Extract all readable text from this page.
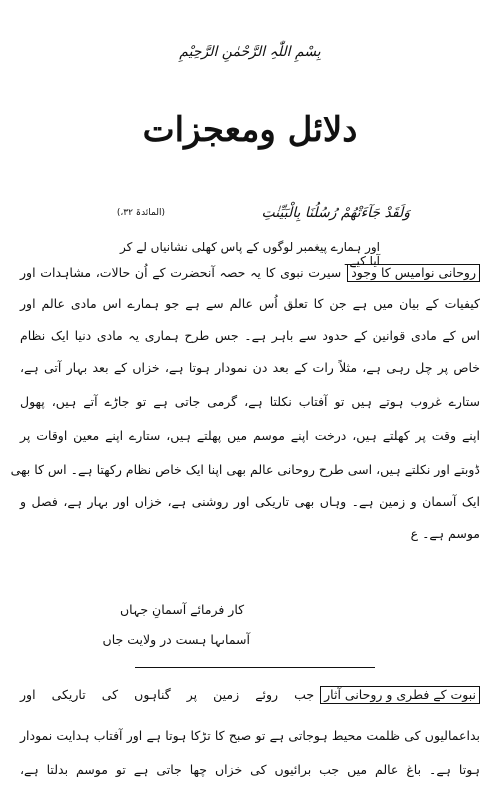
بِسْمِ اللّٰہِ الرَّحْمٰنِ الرَّحِیْمِ
دلائل ومعجزات
وَلَقَدْ جَآءَتْهُمْ رُسُلُنَا بِالْبَيِّنٰتِ
(المائدۃ ۳۲،)
اور ہمارے پیغمبر لوگوں کے پاس کھلی نشانیاں لے کر آیا کیے۔
روحانی نوامیس کا وجودسیرت نبوی کا یہ حصہ آنحضرت کے اُن حالات، مشاہدات اور
کیفیات کے بیان میں ہے جن کا تعلق اُس عالم سے ہے جو ہمارے اس مادی عالم اور
اس کے مادی قوانین کے حدود سے باہر ہے۔ جس طرح ہماری یہ مادی دنیا ایک نظام
خاص پر چل رہی ہے، مثلاً رات کے بعد دن نمودار ہوتا ہے، خزاں کے بعد بہار آتی ہے،
ستارے غروب ہوتے ہیں تو آفتاب نکلتا ہے، گرمی جاتی ہے تو جاڑے آتے ہیں، پھول
اپنے وقت پر کھلتے ہیں، درخت اپنے موسم میں پھلتے ہیں، ستارے اپنے معین اوقات پر
ڈوبتے اور نکلتے ہیں، اسی طرح روحانی عالم بھی اپنا ایک خاص نظام رکھتا ہے۔ اس کا بھی
ایک آسمان و زمین ہے۔ وہاں بھی تاریکی اور روشنی ہے، خزاں اور بہار ہے، فصل و
موسم ہے۔ ع
آسماںہا ہست در ولایت جاں
کار فرمائے آسمانِ جہاں
نبوت کے فطری و روحانی آثارجب روئے زمین پر گناہوں کی تاریکی اور
بداعمالیوں کی ظلمت محیط ہوجاتی ہے تو صبح کا تڑکا ہوتا ہے اور آفتاب ہدایت نمودار
ہوتا ہے۔ باغ عالم میں جب برائیوں کی خزاں چھا جاتی ہے تو موسم بدلتا ہے،
